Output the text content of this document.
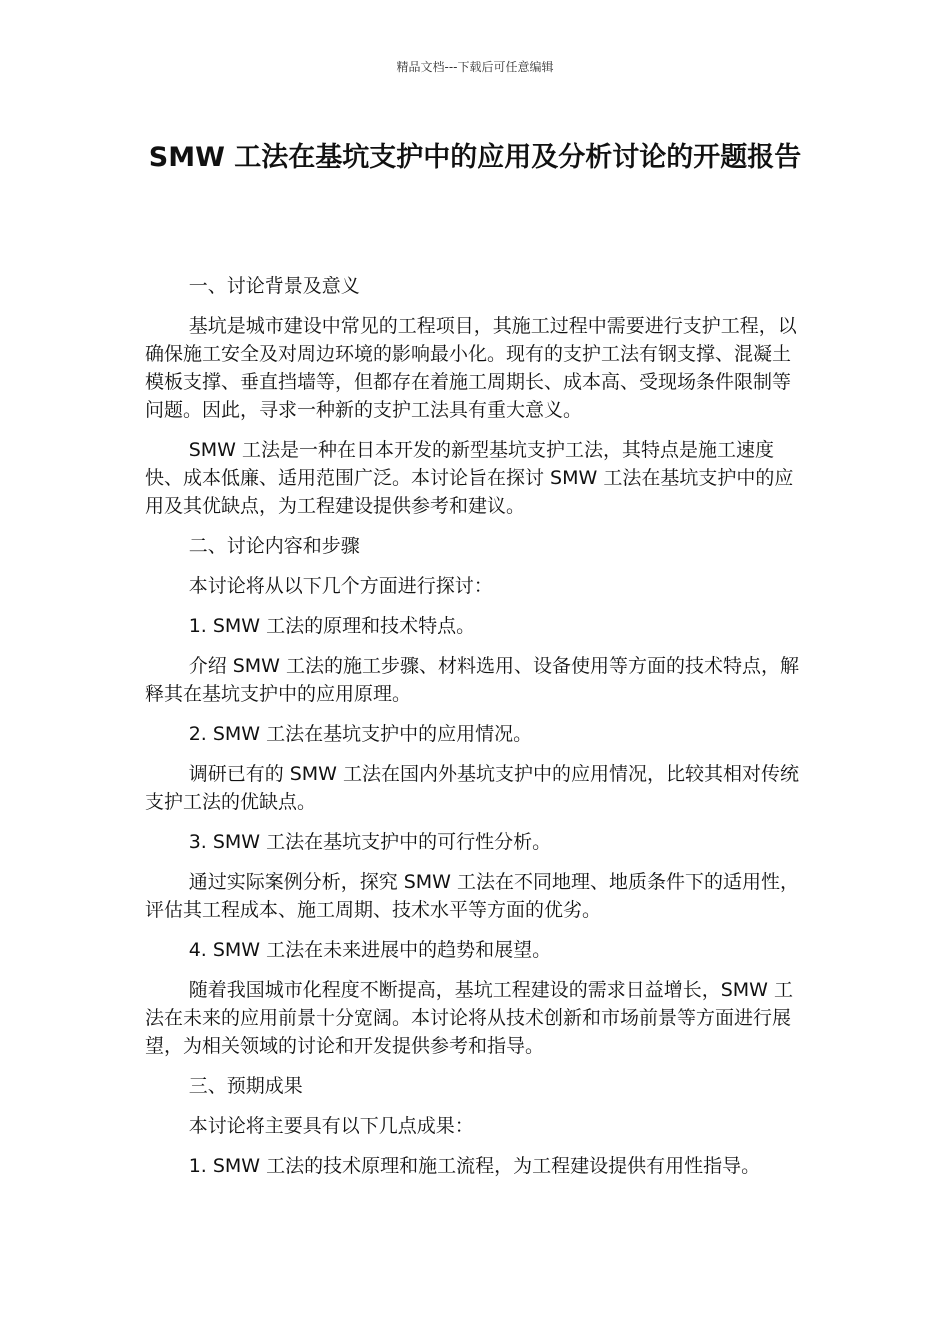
精品文档---下载后可任意编辑
SMW 工法在基坑支护中的应用及分析讨论的开题报告

一、讨论背景及意义

基坑是城市建设中常见的工程项目，其施工过程中需要进行支护工程，以确保施工安全及对周边环境的影响最小化。现有的支护工法有钢支撑、混凝土模板支撑、垂直挡墙等，但都存在着施工周期长、成本高、受现场条件限制等问题。因此，寻求一种新的支护工法具有重大意义。

SMW 工法是一种在日本开发的新型基坑支护工法，其特点是施工速度快、成本低廉、适用范围广泛。本讨论旨在探讨 SMW 工法在基坑支护中的应用及其优缺点，为工程建设提供参考和建议。

二、讨论内容和步骤

本讨论将从以下几个方面进行探讨：

1. SMW 工法的原理和技术特点。

介绍 SMW 工法的施工步骤、材料选用、设备使用等方面的技术特点，解释其在基坑支护中的应用原理。

2. SMW 工法在基坑支护中的应用情况。

调研已有的 SMW 工法在国内外基坑支护中的应用情况，比较其相对传统支护工法的优缺点。

3. SMW 工法在基坑支护中的可行性分析。

通过实际案例分析，探究 SMW 工法在不同地理、地质条件下的适用性，评估其工程成本、施工周期、技术水平等方面的优劣。

4. SMW 工法在未来进展中的趋势和展望。

随着我国城市化程度不断提高，基坑工程建设的需求日益增长，SMW 工法在未来的应用前景十分宽阔。本讨论将从技术创新和市场前景等方面进行展望，为相关领域的讨论和开发提供参考和指导。

三、预期成果

本讨论将主要具有以下几点成果：

1. SMW 工法的技术原理和施工流程，为工程建设提供有用性指导。
